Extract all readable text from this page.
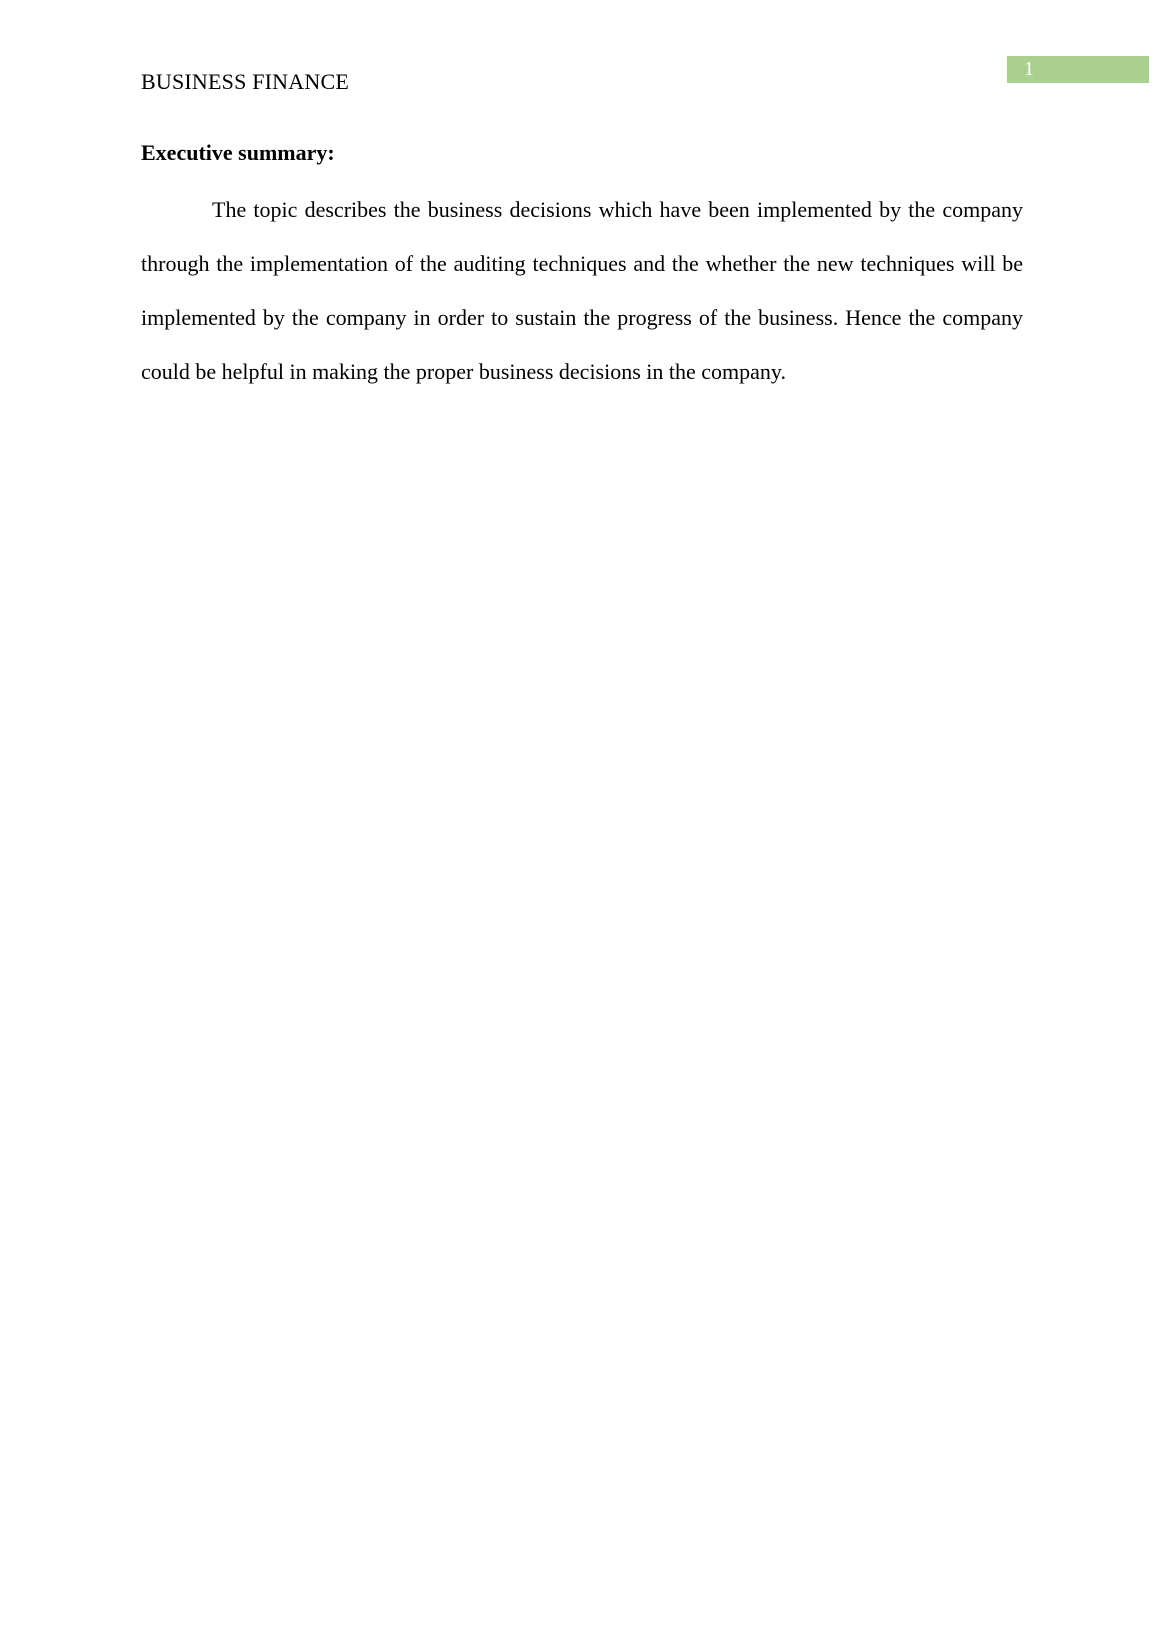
BUSINESS FINANCE	1
Executive summary:

The topic describes the business decisions which have been implemented by the company through the implementation of the auditing techniques and the whether the new techniques will be implemented by the company in order to sustain the progress of the business. Hence the company could be helpful in making the proper business decisions in the company.
